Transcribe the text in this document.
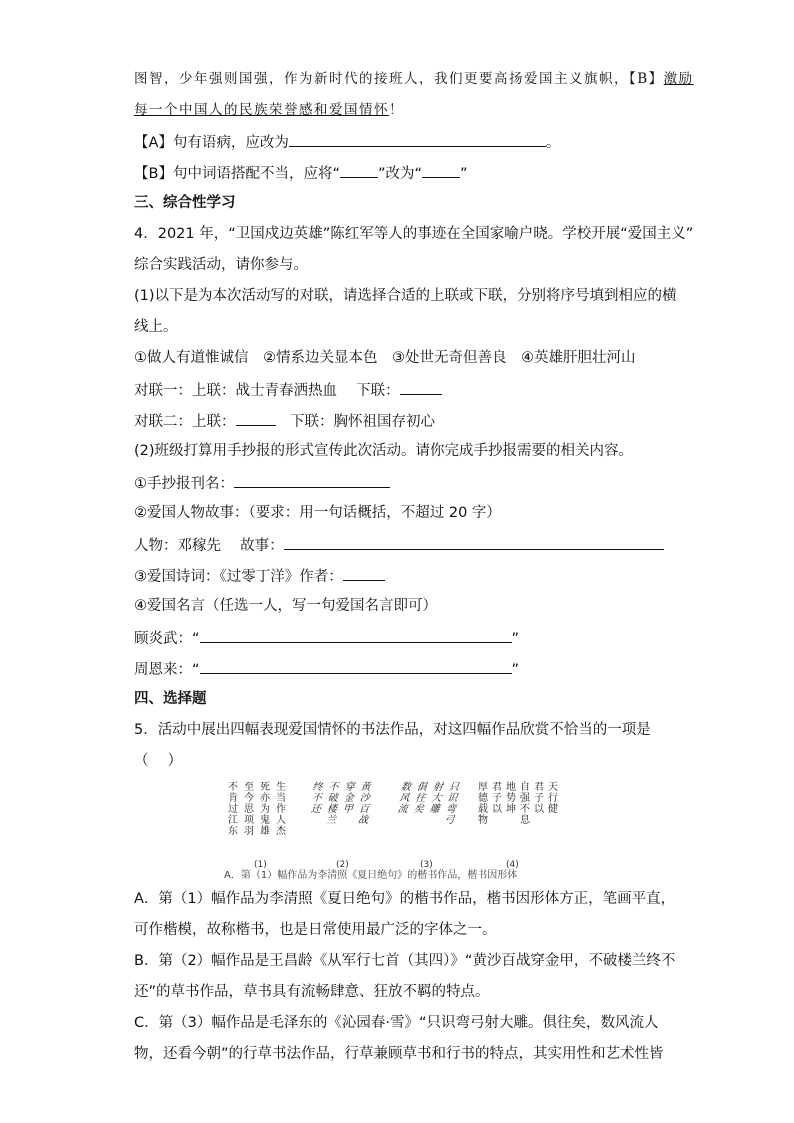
图智，少年强则国强，作为新时代的接班人，我们更要高扬爱国主义旗帜，【B】激励
每一个中国人的民族荣誉感和爱国情怀！
【A】句有语病，应改为	。
【B】句中词语搭配不当，应将“	”改为“	”
三、综合性学习
4．2021 年，“卫国戍边英雄”陈红军等人的事迹在全国家喻户晓。学校开展“爱国主义”
综合实践活动，请你参与。
(1)以下是为本次活动写的对联，请选择合适的上联或下联，分别将序号填到相应的横
线上。
①做人有道惟诚信　②情系边关显本色　③处世无奇但善良　④英雄肝胆壮河山
对联一：上联：战士青春洒热血　 下联：
对联二：上联：	　下联：胸怀祖国存初心
(2)班级打算用手抄报的形式宣传此次活动。请你完成手抄报需要的相关内容。
①手抄报刊名：
②爱国人物故事：（要求：用一句话概括，不超过 20 字）
人物：邓稼先　 故事：
③爱国诗词：《过零丁洋》作者：
④爱国名言（任选一人，写一句爱国名言即可）
顾炎武：“	”
周恩来：“	”
四、选择题
5．活动中展出四幅表现爱国情怀的书法作品，对这四幅作品欣赏不恰当的一项是
（　 ）
生当作人杰
死亦为鬼雄
至今思项羽
不肯过江东
黄沙百战
穿金甲
不破楼兰
终不还
只识弯弓
射大雕
俱往矣
数风流
天行健
君子以
自强不息
地势坤
君子以
厚德载物
(1)	(2)	(3)	(4)
A．第（1）幅作品为李清照《夏日绝句》的楷书作品，楷书因形体
A．第（1）幅作品为李清照《夏日绝句》的楷书作品，楷书因形体方正，笔画平直，
可作楷模，故称楷书，也是日常使用最广泛的字体之一。
B．第（2）幅作品是王昌龄《从军行七首（其四）》“黄沙百战穿金甲，不破楼兰终不
还”的草书作品，草书具有流畅肆意、狂放不羁的特点。
C．第（3）幅作品是毛泽东的《沁园春·雪》“只识弯弓射大雕。俱往矣，数风流人
物，还看今朝”的行草书法作品，行草兼顾草书和行书的特点，其实用性和艺术性皆
